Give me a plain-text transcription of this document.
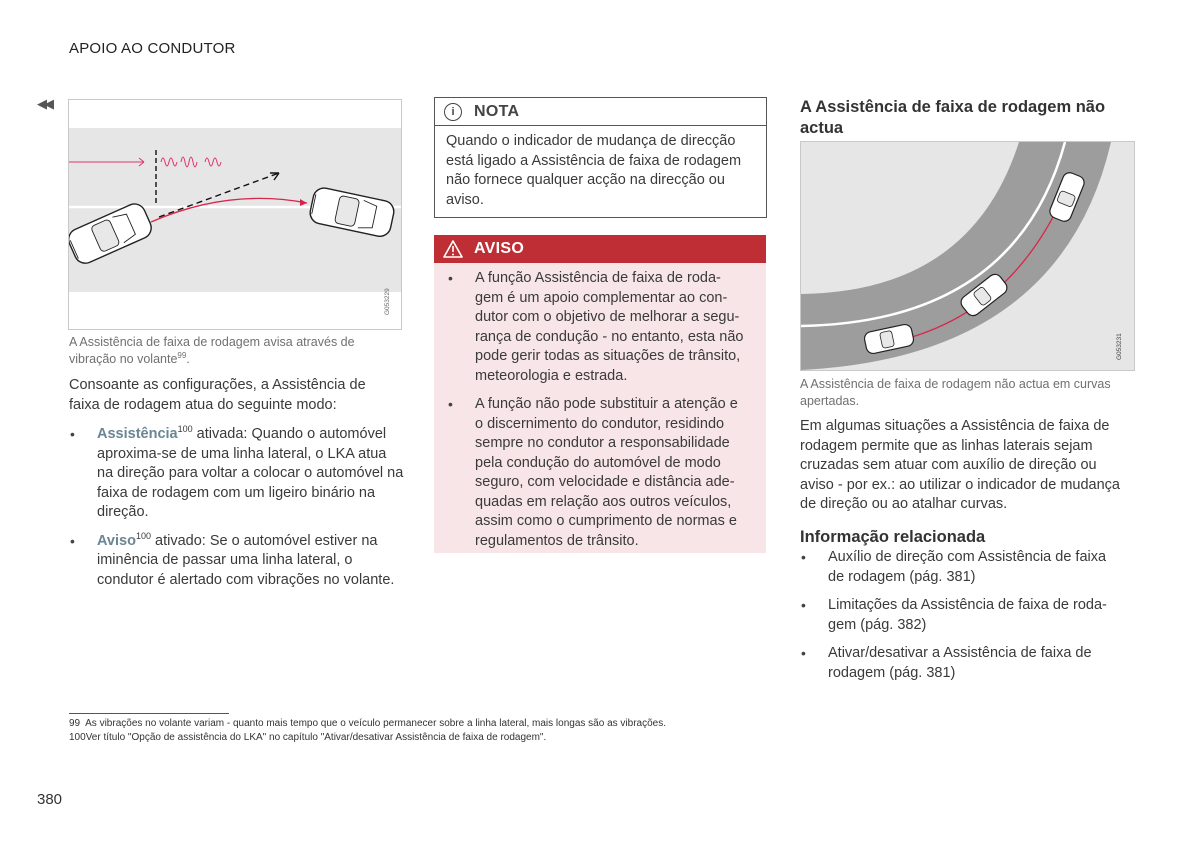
APOIO AO CONDUTOR
◀◀
G053229
A Assistência de faixa de rodagem avisa através de vibração no volante$^{99}$.
Consoante as configurações, a Assistência de faixa de rodagem atua do seguinte modo:
• Assistência$^{100}$ ativada: Quando o automóvel aproxima-se de uma linha lateral, o LKA atua na direção para voltar a colocar o automóvel na faixa de rodagem com um ligeiro binário na direção.
• Aviso$^{100}$ ativado: Se o automóvel estiver na iminência de passar uma linha lateral, o condutor é alertado com vibrações no volante.
i	NOTA
Quando o indicador de mudança de direcção
está ligado a Assistência de faixa de rodagem
não fornece qualquer acção na direcção ou
aviso.
AVISO
• A função Assistência de faixa de roda-
gem é um apoio complementar ao con-
dutor com o objetivo de melhorar a segu-
rança de condução - no entanto, esta não
pode gerir todas as situações de trânsito,
meteorologia e estrada.
• A função não pode substituir a atenção e
o discernimento do condutor, residindo
sempre no condutor a responsabilidade
pela condução do automóvel de modo
seguro, com velocidade e distância ade-
quadas em relação aos outros veículos,
assim como o cumprimento de normas e
regulamentos de trânsito.
A Assistência de faixa de rodagem não
actua
G053231
A Assistência de faixa de rodagem não actua em curvas
apertadas.
Em algumas situações a Assistência de faixa de
rodagem permite que as linhas laterais sejam
cruzadas sem atuar com auxílio de direção ou
aviso - por ex.: ao utilizar o indicador de mudança
de direção ou ao atalhar curvas.
Informação relacionada
• Auxílio de direção com Assistência de faixa
de rodagem (pág. 381)
• Limitações da Assistência de faixa de roda-
gem (pág. 382)
• Ativar/desativar a Assistência de faixa de
rodagem (pág. 381)
99 As vibrações no volante variam - quanto mais tempo que o veículo permanecer sobre a linha lateral, mais longas são as vibrações.
100Ver título "Opção de assistência do LKA" no capítulo "Ativar/desativar Assistência de faixa de rodagem".
380
